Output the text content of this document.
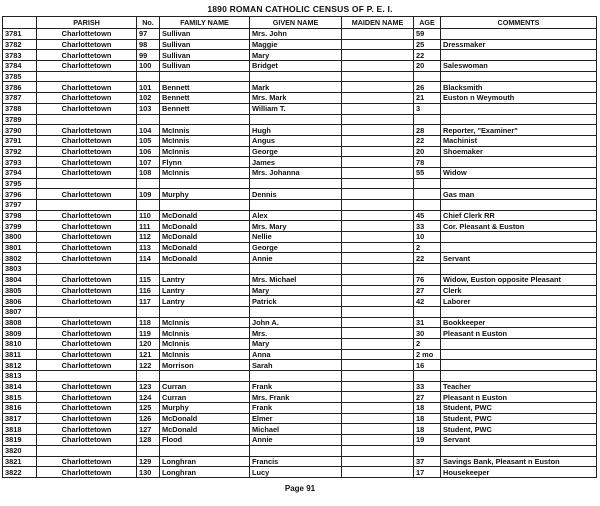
1890 ROMAN CATHOLIC CENSUS OF P. E. I.
	PARISH	No.	FAMILY NAME	GIVEN NAME	MAIDEN NAME	AGE	COMMENTS
3781	Charlottetown	97	Sullivan	Mrs. John		59	
3782	Charlottetown	98	Sullivan	Maggie		25	Dressmaker
3783	Charlottetown	99	Sullivan	Mary		22	
3784	Charlottetown	100	Sullivan	Bridget		20	Saleswoman
3785							
3786	Charlottetown	101	Bennett	Mark		26	Blacksmith
3787	Charlottetown	102	Bennett	Mrs. Mark		21	Euston n Weymouth
3788	Charlottetown	103	Bennett	William T.		3	
3789							
3790	Charlottetown	104	McInnis	Hugh		28	Reporter, "Examiner"
3791	Charlottetown	105	McInnis	Angus		22	Machinist
3792	Charlottetown	106	McInnis	George		20	Shoemaker
3793	Charlottetown	107	Flynn	James		78	
3794	Charlottetown	108	McInnis	Mrs. Johanna		55	Widow
3795							
3796	Charlottetown	109	Murphy	Dennis			Gas man
3797							
3798	Charlottetown	110	McDonald	Alex		45	Chief Clerk RR
3799	Charlottetown	111	McDonald	Mrs. Mary		33	Cor. Pleasant & Euston
3800	Charlottetown	112	McDonald	Nellie		10	
3801	Charlottetown	113	McDonald	George		2	
3802	Charlottetown	114	McDonald	Annie		22	Servant
3803							
3804	Charlottetown	115	Lantry	Mrs. Michael		76	Widow, Euston opposite Pleasant
3805	Charlottetown	116	Lantry	Mary		27	Clerk
3806	Charlottetown	117	Lantry	Patrick		42	Laborer
3807							
3808	Charlottetown	118	McInnis	John A.		31	Bookkeeper
3809	Charlottetown	119	McInnis	Mrs.		30	Pleasant n Euston
3810	Charlottetown	120	McInnis	Mary		2	
3811	Charlottetown	121	McInnis	Anna		2 mo	
3812	Charlottetown	122	Morrison	Sarah		16	
3813							
3814	Charlottetown	123	Curran	Frank		33	Teacher
3815	Charlottetown	124	Curran	Mrs. Frank		27	Pleasant n Euston
3816	Charlottetown	125	Murphy	Frank		18	Student, PWC
3817	Charlottetown	126	McDonald	Elmer		18	Student, PWC
3818	Charlottetown	127	McDonald	Michael		18	Student, PWC
3819	Charlottetown	128	Flood	Annie		19	Servant
3820							
3821	Charlottetown	129	Longhran	Francis		37	Savings Bank, Pleasant n Euston
3822	Charlottetown	130	Longhran	Lucy		17	Housekeeper
Page 91
